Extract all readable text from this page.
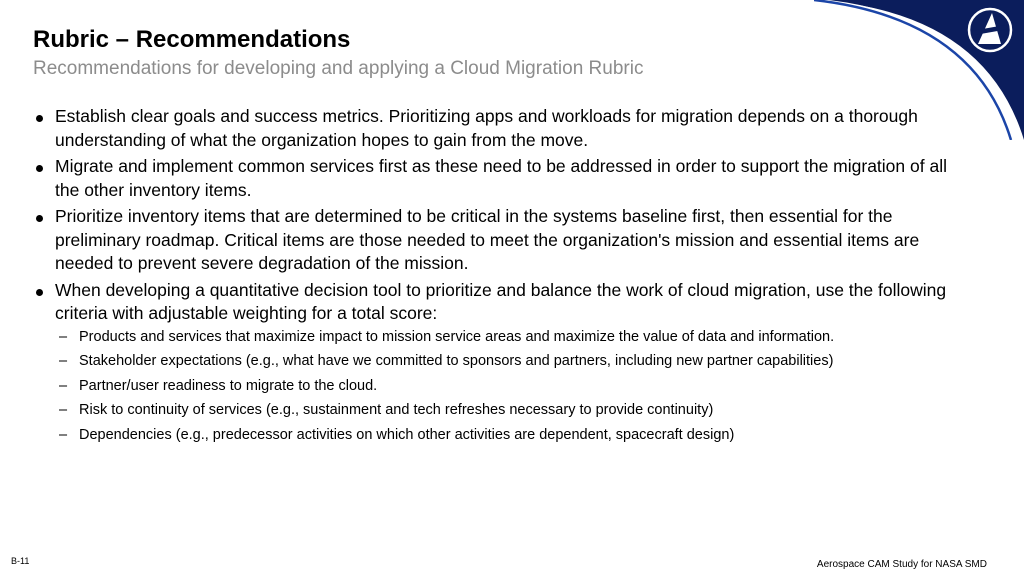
Rubric – Recommendations
Recommendations for developing and applying a Cloud Migration Rubric
Establish clear goals and success metrics. Prioritizing apps and workloads for migration depends on a thorough understanding of what the organization hopes to gain from the move.
Migrate and implement common services first as these need to be addressed in order to support the migration of all the other inventory items.
Prioritize inventory items that are determined to be critical in the systems baseline first, then essential for the preliminary roadmap. Critical items are those needed to meet the organization's mission and essential items are needed to prevent severe degradation of the mission.
When developing a quantitative decision tool to prioritize and balance the work of cloud migration, use the following criteria with adjustable weighting for a total score:
– Products and services that maximize impact to mission service areas and maximize the value of data and information.
– Stakeholder expectations (e.g., what have we committed to sponsors and partners, including new partner capabilities)
– Partner/user readiness to migrate to the cloud.
– Risk to continuity of services (e.g., sustainment and tech refreshes necessary to provide continuity)
– Dependencies (e.g., predecessor activities on which other activities are dependent, spacecraft design)
B-11	Aerospace CAM Study for NASA SMD
